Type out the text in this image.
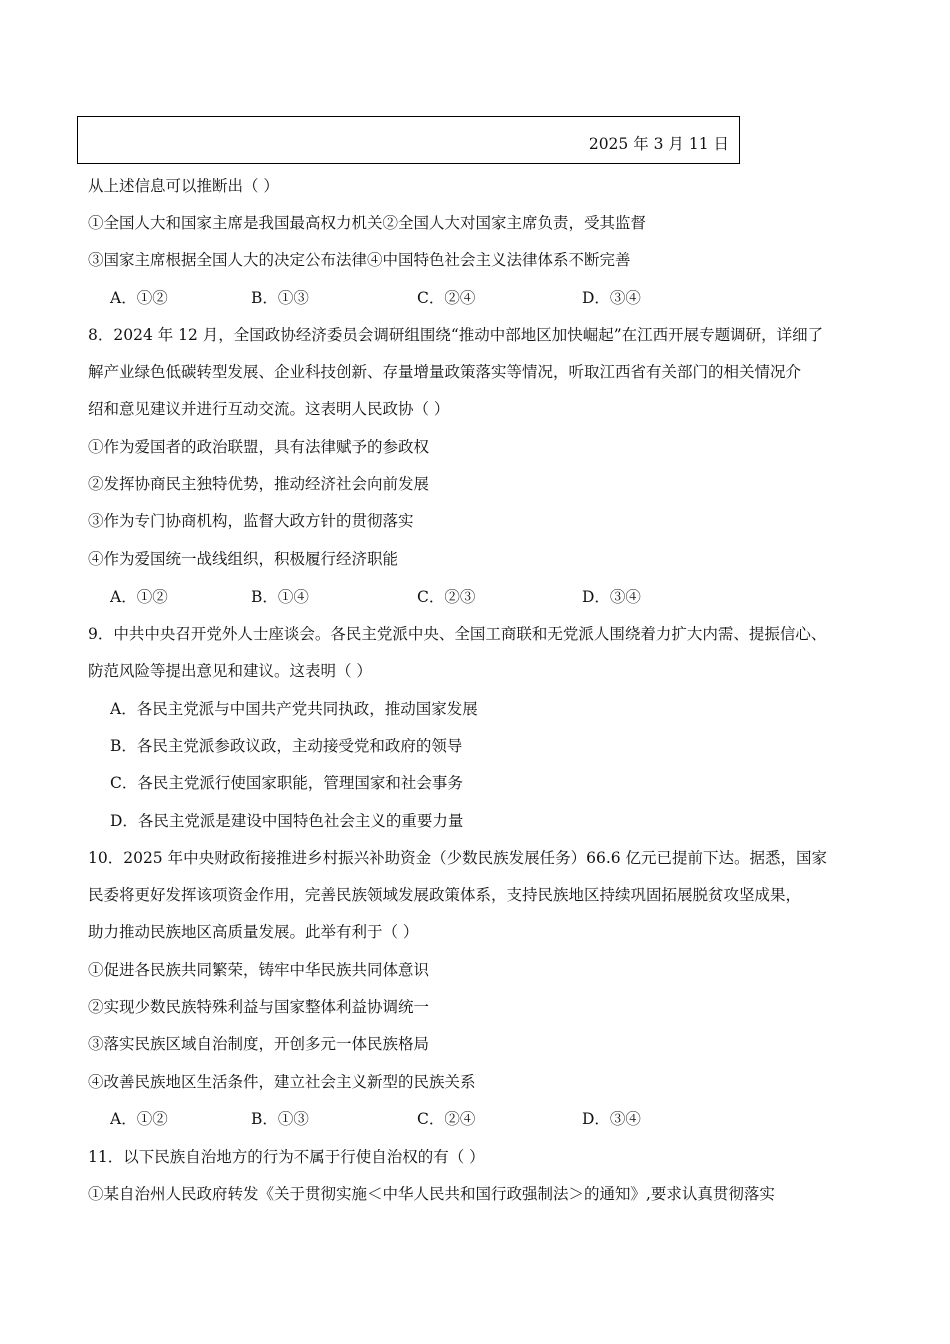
2025 年 3 月 11 日
从上述信息可以推断出（ ）
①全国人大和国家主席是我国最高权力机关②全国人大对国家主席负责，受其监督
③国家主席根据全国人大的决定公布法律④中国特色社会主义法律体系不断完善
A．①②	B．①③	C．②④	D．③④
8．2024 年 12 月，全国政协经济委员会调研组围绕“推动中部地区加快崛起”在江西开展专题调研，详细了
解产业绿色低碳转型发展、企业科技创新、存量增量政策落实等情况，听取江西省有关部门的相关情况介
绍和意见建议并进行互动交流。这表明人民政协（ ）
①作为爱国者的政治联盟，具有法律赋予的参政权
②发挥协商民主独特优势，推动经济社会向前发展
③作为专门协商机构，监督大政方针的贯彻落实
④作为爱国统一战线组织，积极履行经济职能
A．①②	B．①④	C．②③	D．③④
9．中共中央召开党外人士座谈会。各民主党派中央、全国工商联和无党派人围绕着力扩大内需、提振信心、
防范风险等提出意见和建议。这表明（ ）
A．各民主党派与中国共产党共同执政，推动国家发展
B．各民主党派参政议政，主动接受党和政府的领导
C．各民主党派行使国家职能，管理国家和社会事务
D．各民主党派是建设中国特色社会主义的重要力量
10．2025 年中央财政衔接推进乡村振兴补助资金（少数民族发展任务）66.6 亿元已提前下达。据悉，国家
民委将更好发挥该项资金作用，完善民族领域发展政策体系，支持民族地区持续巩固拓展脱贫攻坚成果，
助力推动民族地区高质量发展。此举有利于（ ）
①促进各民族共同繁荣，铸牢中华民族共同体意识
②实现少数民族特殊利益与国家整体利益协调统一
③落实民族区域自治制度，开创多元一体民族格局
④改善民族地区生活条件，建立社会主义新型的民族关系
A．①②	B．①③	C．②④	D．③④
11．以下民族自治地方的行为不属于行使自治权的有（ ）
①某自治州人民政府转发《关于贯彻实施＜中华人民共和国行政强制法＞的通知》,要求认真贯彻落实
